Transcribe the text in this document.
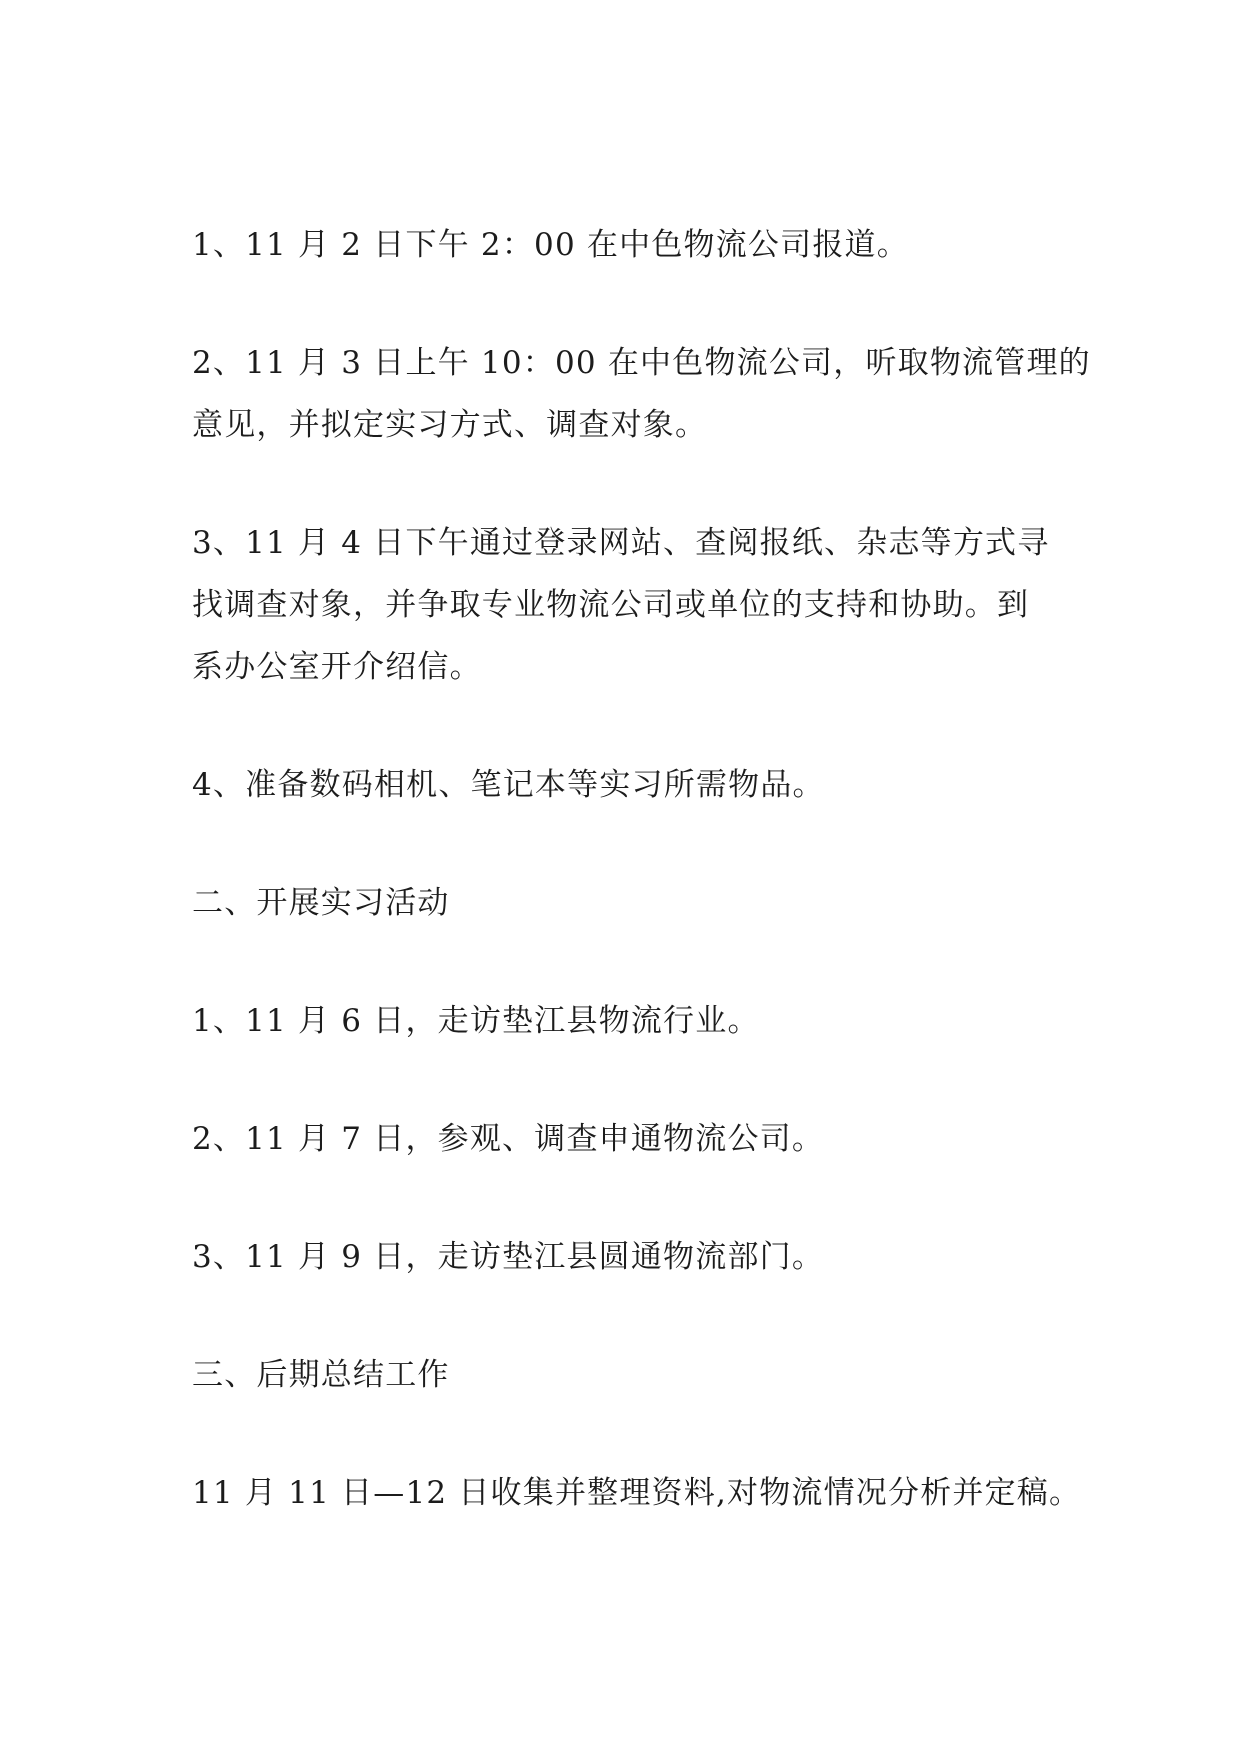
1、11 月 2 日下午 2：00 在中色物流公司报道。
2、11 月 3 日上午 10：00 在中色物流公司，听取物流管理的
意见，并拟定实习方式、调查对象。
3、11 月 4 日下午通过登录网站、查阅报纸、杂志等方式寻
找调查对象，并争取专业物流公司或单位的支持和协助。到
系办公室开介绍信。
4、准备数码相机、笔记本等实习所需物品。
二、开展实习活动
1、11 月 6 日，走访垫江县物流行业。
2、11 月 7 日，参观、调查申通物流公司。
3、11 月 9 日，走访垫江县圆通物流部门。
三、后期总结工作
11 月 11 日—12 日收集并整理资料,对物流情况分析并定稿。
